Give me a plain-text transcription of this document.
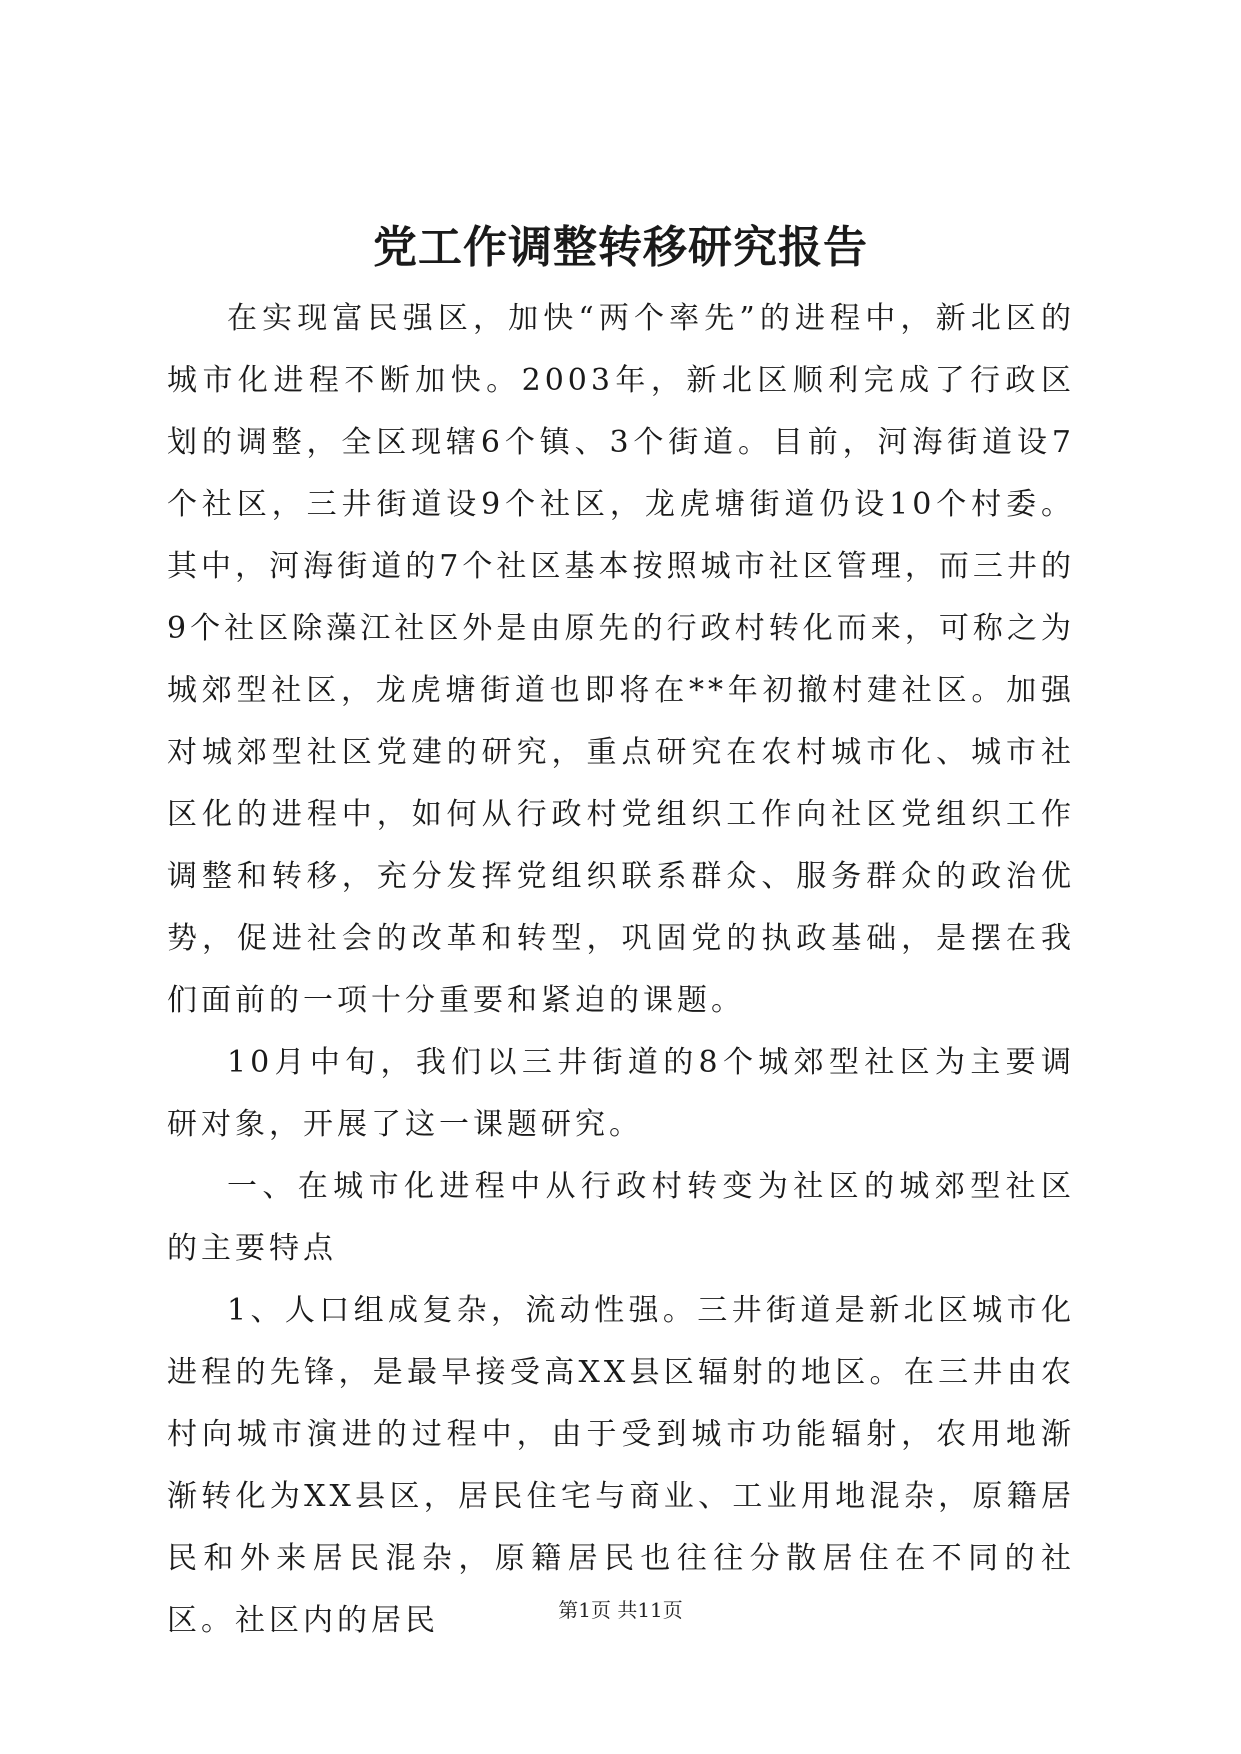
党工作调整转移研究报告

在实现富民强区，加快“两个率先”的进程中，新北区的城市化进程不断加快。2003年，新北区顺利完成了行政区划的调整，全区现辖6个镇、3个街道。目前，河海街道设7个社区，三井街道设9个社区，龙虎塘街道仍设10个村委。其中，河海街道的7个社区基本按照城市社区管理，而三井的9个社区除藻江社区外是由原先的行政村转化而来，可称之为城郊型社区，龙虎塘街道也即将在**年初撤村建社区。加强对城郊型社区党建的研究，重点研究在农村城市化、城市社区化的进程中，如何从行政村党组织工作向社区党组织工作调整和转移，充分发挥党组织联系群众、服务群众的政治优势，促进社会的改革和转型，巩固党的执政基础，是摆在我们面前的一项十分重要和紧迫的课题。

10月中旬，我们以三井街道的8个城郊型社区为主要调研对象，开展了这一课题研究。

一、在城市化进程中从行政村转变为社区的城郊型社区的主要特点

1、人口组成复杂，流动性强。三井街道是新北区城市化进程的先锋，是最早接受高XX县区辐射的地区。在三井由农村向城市演进的过程中，由于受到城市功能辐射，农用地渐渐转化为XX县区，居民住宅与商业、工业用地混杂，原籍居民和外来居民混杂，原籍居民也往往分散居住在不同的社区。社区内的居民	第1页 共11页
